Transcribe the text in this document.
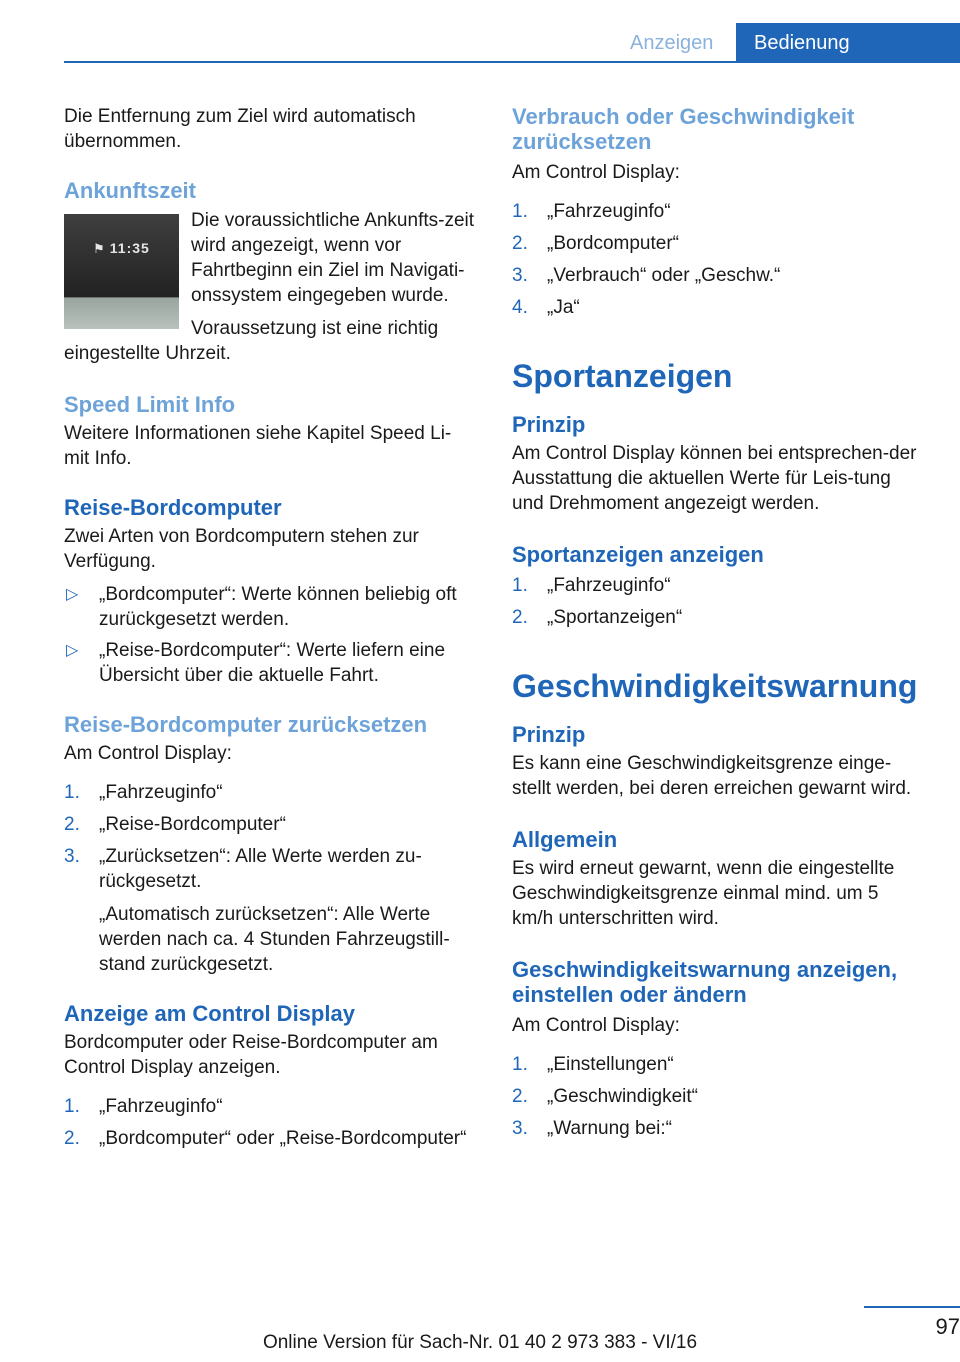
Anzeigen	Bedienung

Die Entfernung zum Ziel wird automatisch übernommen.

Ankunftszeit
⚑ 11:35

Die voraussichtliche Ankunfts-zeit wird angezeigt, wenn vor Fahrtbeginn ein Ziel im Navigati-onssystem eingegeben wurde.

Voraussetzung ist eine richtig eingestellte Uhrzeit.

Speed Limit Info

Weitere Informationen siehe Kapitel Speed Li-mit Info.

Reise-Bordcomputer

Zwei Arten von Bordcomputern stehen zur Verfügung.

▷ „Bordcomputer“: Werte können beliebig oft zurückgesetzt werden.
▷ „Reise-Bordcomputer“: Werte liefern eine Übersicht über die aktuelle Fahrt.
Reise-Bordcomputer zurücksetzen

Am Control Display:

1. „Fahrzeuginfo“
2. „Reise-Bordcomputer“
3. „Zurücksetzen“: Alle Werte werden zu-rückgesetzt.

„Automatisch zurücksetzen“: Alle Werte werden nach ca. 4 Stunden Fahrzeugstill-stand zurückgesetzt.

Anzeige am Control Display

Bordcomputer oder Reise-Bordcomputer am Control Display anzeigen.

1. „Fahrzeuginfo“
2. „Bordcomputer“ oder „Reise-Bordcomputer“
Verbrauch oder Geschwindigkeit zurücksetzen

Am Control Display:

1. „Fahrzeuginfo“
2. „Bordcomputer“
3. „Verbrauch“ oder „Geschw.“
4. „Ja“
Sportanzeigen
Prinzip

Am Control Display können bei entsprechen-der Ausstattung die aktuellen Werte für Leis-tung und Drehmoment angezeigt werden.

Sportanzeigen anzeigen
1. „Fahrzeuginfo“
2. „Sportanzeigen“
Geschwindigkeitswarnung
Prinzip

Es kann eine Geschwindigkeitsgrenze einge-stellt werden, bei deren erreichen gewarnt wird.

Allgemein

Es wird erneut gewarnt, wenn die eingestellte Geschwindigkeitsgrenze einmal mind. um 5 km/h unterschritten wird.

Geschwindigkeitswarnung anzeigen, einstellen oder ändern

Am Control Display:

1. „Einstellungen“
2. „Geschwindigkeit“
3. „Warnung bei:“
97
Online Version für Sach-Nr. 01 40 2 973 383 - VI/16
